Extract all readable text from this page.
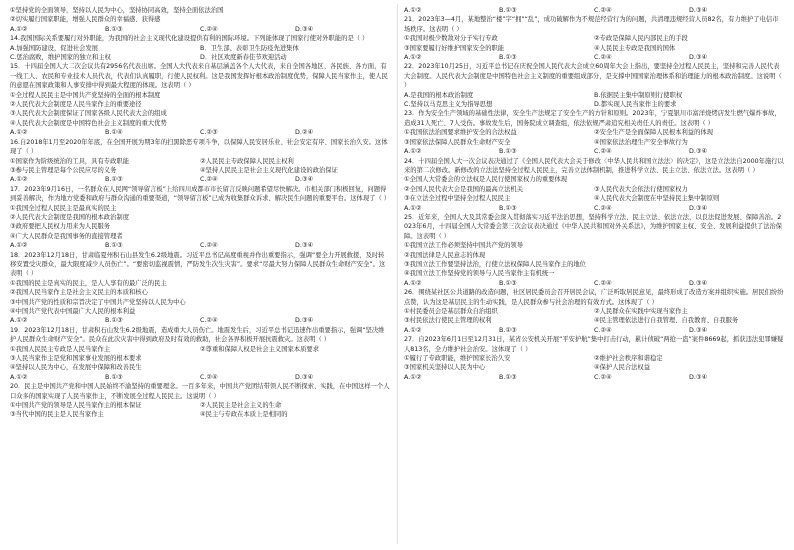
①坚持党的全面领导，坚持以人民为中心，坚持协同高效，坚持全面依法治国

②切实履行国家职能，增强人民群众的幸福感、获得感

A.①②	B.①③	C.②④	D.③④

14.我国国际关系要履行对外职能，为我国的社会主义现代化建设提供有利的国际环境。下列能体现了国家行使对外职能的是（ ）

A.加强国防建设，促进社会发展	B．卫生部、表彰卫生防疫先进集体
C.惩治腐败，维护国家的独立和主权	D．社区欢度新春佳节欢迎活动

15．十四届全国人大二次会议共有2956名代表出席。全国人大代表来自基层涵盖各个人大代表，来自全国各地区、各民族、各方面，有一线工人、农民和专业技术人员代表，代表们认真履职，行使人民权利。这是我国发挥好根本政治制度优势，保障人民当家作主，使人民的意愿在国家政策和人事安排中得到最大程度的体现。这表明（ ）

①全过程人民民主是中国共产党坚持的全面的根本制度

②人民代表大会制度是人民当家作主的重要途径

③人民代表大会制度保证了国家各级人民代表大会的组成

④人民代表大会制度是中国特色社会主义制度的重大优势

A.①②	B.①④	C.②③	D.②④

16.自2018年1月至2020年年底，在全国开展为期3年的扫黑除恶专项斗争，以保障人民安居乐业、社会安定有序、国家长治久安。这体现了（ ）

①国家作为阶级统治的工具，具有专政职能	②人民民主专政保障人民民主权利
③参与民主管理是每个公民应尽的义务	④坚持人民民主是社会主义现代化建设的政治保证
A.①②	B.①③	C.②④	D.③④

17．2023年9月16日，一名群众在人民网“领导留言板”上给四川成都市市长留言反映问题希望尽快解决。市相关部门积极回复，问题得到妥善解决，作为地方党委和政府与群众沟通的重要渠道，“领导留言板”已成为收集群众诉求、解决民生问题的重要平台。这体现了（ ）

①我国全过程人民民主是最真实的民主

②人民代表大会制度是我国的根本政治制度

③政府要把人民权力用来为人民服务

④广大人民群众是我国事务的直接管理者

A.①②	B.①③	C.②④	D.③④

18．2023年12月18日，甘肃临夏州积石山县发生6.2级地震。习近平总书记高度重视并作出重要指示，强调“要全力开展救援，及时转移安置受灾群众，最大限度减少人员伤亡”。“要密切监视震情，严防发生次生灾害”。要求“尽最大努力保障人民群众生命财产安全”。这表明（ ）

①我国的民主是真实的民主，是人人享有的最广泛的民主

②我国人民当家作主是社会主义民主的本质和核心

③中国共产党的性质和宗旨决定了中国共产党坚持以人民为中心

④中国共产党代表中国最广大人民的根本利益

A.①②	B.①③	C.②④	D.③④

19．2023年12月18日，甘肃积石山发生6.2级地震，造成重大人员伤亡。地震发生后，习近平总书记迅速作出重要指示，强调“坚决维护人民群众生命财产安全”。民众在此次灾害中得到政府及时有效的救助，社会各界积极开展抗震救灾。这表明（ ）

①我国人民民主专政是人民当家作主	②尊重和保障人权是社会主义国家本质要求

③人民当家作主是党和国家事业发展的根本要求

④坚持以人民为中心，在发展中保障和改善民生

A.①②	B.①③	C.②④	D.③④

20．民主是中国共产党和中国人民始终不渝坚持的重要理念。一百多年来，中国共产党团结带领人民不断探索、实践，在中国这样一个人口众多的国家实现了人民当家作主，不断发展全过程人民民主。这说明（ ）

①中国共产党的领导是人民当家作主的根本保证	②人民民主是社会主义的生命
③当代中国的民主是人民当家作主	④民主与专政在本质上是相同的
A.①②	B.①③	C.②④	D.③④

21．2023年3—4月，某地整治“楼”字“拥”“乱”，成功破解作为不规范经营行为的问题，共清理违规经营人员82名，有力维护了电信市场秩序。这表明（ ）

①我国对极少数敌对分子实行专政	②专政是保障人民内部民主的手段
③国家要履行好维护国家安全的职能	④人民民主专政是我国的国体
A.①②	B.①③	C.②④	D.③④

22．2023年10月25日，习近平总书记在庆祝全国人民代表大会成立60周年大会上指出，要坚持全过程人民民主，坚持和完善人民代表大会制度。人民代表大会制度是中国特色社会主义制度的重要组成部分，是支撑中国国家治理体系和治理能力的根本政治制度。这说明（ ）

A.是我国的根本政治制度	B.依据民主集中制原则行使职权
C.坚持以马克思主义为指导思想	D.都实现人民当家作主的要求

23．作为安全生产领域的基础性法律，安全生产法规定了安全生产的方针和原则。2023年，宁夏银川市富洋烧烤店发生燃气爆炸事故，造成31人死亡、7人受伤。事故发生后，国务院成立调查组，依法依规严肃追究相关责任人的责任。这表明（ ）

①我国依法治国要求维护安全的合法权益	②安全生产是全面保障人民根本利益的体现
③国家依法保障人民群众生命财产安全	④国家依法治理生产安全事故行为
A.①②	B.①③	C.②④	D.③④

24．十四届全国人大一次会议表决通过了《全国人民代表大会关于修改〈中华人民共和国立法法〉的决定》，这是立法法自2000年施行以来的第二次修改。新修改的立法法坚持全过程人民民主，完善立法体制机制，推进科学立法、民主立法、依法立法。这表明（ ）

①全国人大常委会的立法权是人民行使国家权力的重要体现

②全国人民代表大会是我国的最高立法机关	③人民代表大会依法行使国家权力
③在立法全过程中坚持全过程人民民主	④人民代表大会制度在中坚持民主集中制原则
A.①②	B.①③	C.②④	D.③④

25．近年来，全国人大及其常委会深入贯彻落实习近平法治思想，坚持科学立法、民主立法、依法立法，以良法促进发展、保障善治。2023年6月，十四届全国人大常委会第三次会议表决通过《中华人民共和国对外关系法》，为维护国家主权、安全、发展利益提供了法治保障。这表明（ ）

①我国立法工作必须坚持中国共产党的领导

②我国法律是人民意志的体现

③我国立法工作要坚持法治，行使立法权保障人民当家作主的地位

④我国立法工作坚持党的领导与人民当家作主有机统一

A.①②	B.①③	C.②④	D.③④

26．围绕某社区公共道路的改造问题，社区居民委员会召开居民会议，广泛听取居民意见，最终形成了改造方案并组织实施。居民们纷纷点赞，认为这是基层民主的生动实践，是人民群众参与社会治理的有效方式。这体现了（ ）

①村民委员会是基层群众自治组织	②人民群众在实践中实现当家作主
③村民依法行使民主管理的权利	④民主管理依法进行自我管理、自我教育、自我服务
A.①②	B.①③	C.②④	D.③④

27．自2023年6月1日至12月31日，某省公安机关开展“平安护航”集中打击行动，累计侦破“两抢一盗”案件8669起，抓获违法犯罪嫌疑人813名，全力维护社会治安。这体现了（ ）

①履行了专政职能，维护国家长治久安	②维护社会秩序和谐稳定
③国家机关坚持以人民为中心	④保护人民合法权益
A.①②	B.①③	C.②④	D.③④
